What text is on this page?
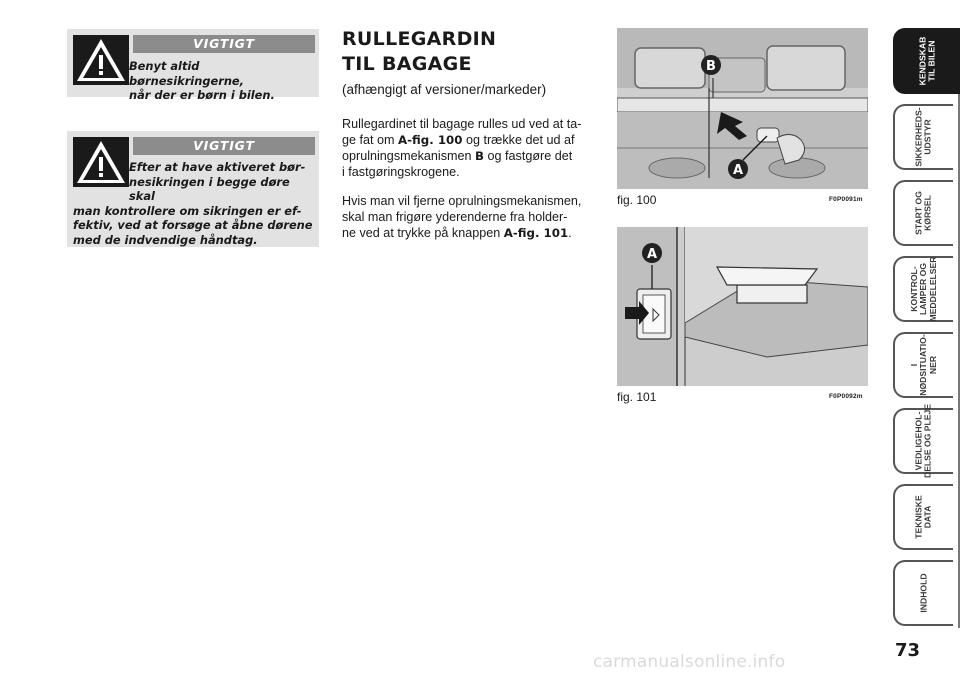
VIGTIGT
Benyt altid børnesikringerne,
når der er børn i bilen.
VIGTIGT
Efter at have aktiveret bør-
nesikringen i begge døre skal
man kontrollere om sikringen er ef-
fektiv, ved at forsøge at åbne dørene
med de indvendige håndtag.
RULLEGARDIN
TIL BAGAGE
(afhængigt af versioner/markeder)
Rullegardinet til bagage rulles ud ved at ta-
ge fat om A-fig. 100 og trække det ud af
oprulningsmekanismen B og fastgøre det
i fastgøringskrogene.
Hvis man vil fjerne oprulningsmekanismen,
skal man frigøre yderenderne fra holder-
ne ved at trykke på knappen A-fig. 101.
B
A
fig. 100	F0P0091m
A
fig. 101	F0P0092m
KENDSKAB
TIL BILEN
SIKKERHEDS-
UDSTYR
START OG
KØRSEL
KONTROL-
LAMPER OG
MEDDELELSER
I
NØDSITUATIO-
NER
VEDLIGEHOL-
DELSE OG PLEJE
TEKNISKE
DATA
INDHOLD
73
carmanualsonline.info
